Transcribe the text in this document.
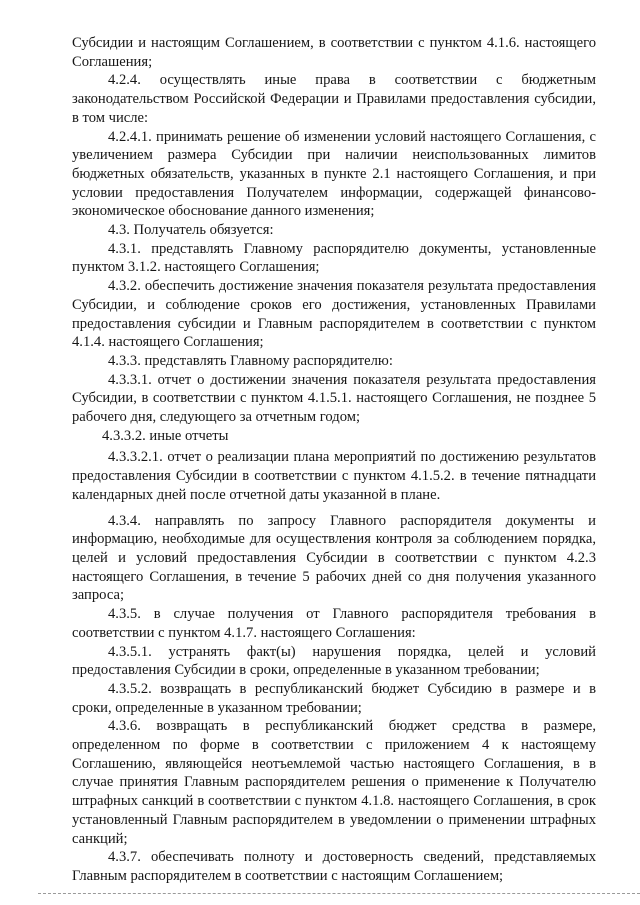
Субсидии и настоящим Соглашением, в соответствии с пунктом 4.1.6. настоящего Соглашения;

4.2.4. осуществлять иные права в соответствии с бюджетным законодательством Российской Федерации и Правилами предоставления субсидии, в том числе:

4.2.4.1. принимать решение об изменении условий настоящего Соглашения, с увеличением размера Субсидии при наличии неиспользованных лимитов бюджетных обязательств, указанных в пункте 2.1 настоящего Соглашения, и при условии предоставления Получателем информации, содержащей финансово-экономическое обоснование данного изменения;

4.3. Получатель обязуется:

4.3.1. представлять Главному распорядителю документы, установленные пунктом 3.1.2. настоящего Соглашения;

4.3.2. обеспечить достижение значения показателя результата предоставления Субсидии, и соблюдение сроков его достижения, установленных Правилами предоставления субсидии и Главным распорядителем в соответствии с пунктом 4.1.4. настоящего Соглашения;

4.3.3. представлять Главному распорядителю:

4.3.3.1. отчет о достижении значения показателя результата предоставления Субсидии, в соответствии с пунктом 4.1.5.1. настоящего Соглашения, не позднее 5 рабочего дня, следующего за отчетным годом;

4.3.3.2. иные отчеты

4.3.3.2.1. отчет о реализации плана мероприятий по достижению результатов предоставления Субсидии в соответствии с пунктом 4.1.5.2. в течение пятнадцати календарных дней после отчетной даты указанной в плане.

4.3.4. направлять по запросу Главного распорядителя документы и информацию, необходимые для осуществления контроля за соблюдением порядка, целей и условий предоставления Субсидии в соответствии с пунктом 4.2.3 настоящего Соглашения, в течение 5 рабочих дней со дня получения указанного запроса;

4.3.5. в случае получения от Главного распорядителя требования в соответствии с пунктом 4.1.7. настоящего Соглашения:

4.3.5.1. устранять факт(ы) нарушения порядка, целей и условий предоставления Субсидии в сроки, определенные в указанном требовании;

4.3.5.2. возвращать в республиканский бюджет Субсидию в размере и в сроки, определенные в указанном требовании;

4.3.6. возвращать в республиканский бюджет средства в размере, определенном по форме в соответствии с приложением 4 к настоящему Соглашению, являющейся неотъемлемой частью настоящего Соглашения, в в случае принятия Главным распорядителем решения о применение к Получателю штрафных санкций в соответствии с пунктом 4.1.8. настоящего Соглашения, в срок установленный Главным распорядителем в уведомлении о применении штрафных санкций;

4.3.7. обеспечивать полноту и достоверность сведений, представляемых Главным распорядителем в соответствии с настоящим Соглашением;
